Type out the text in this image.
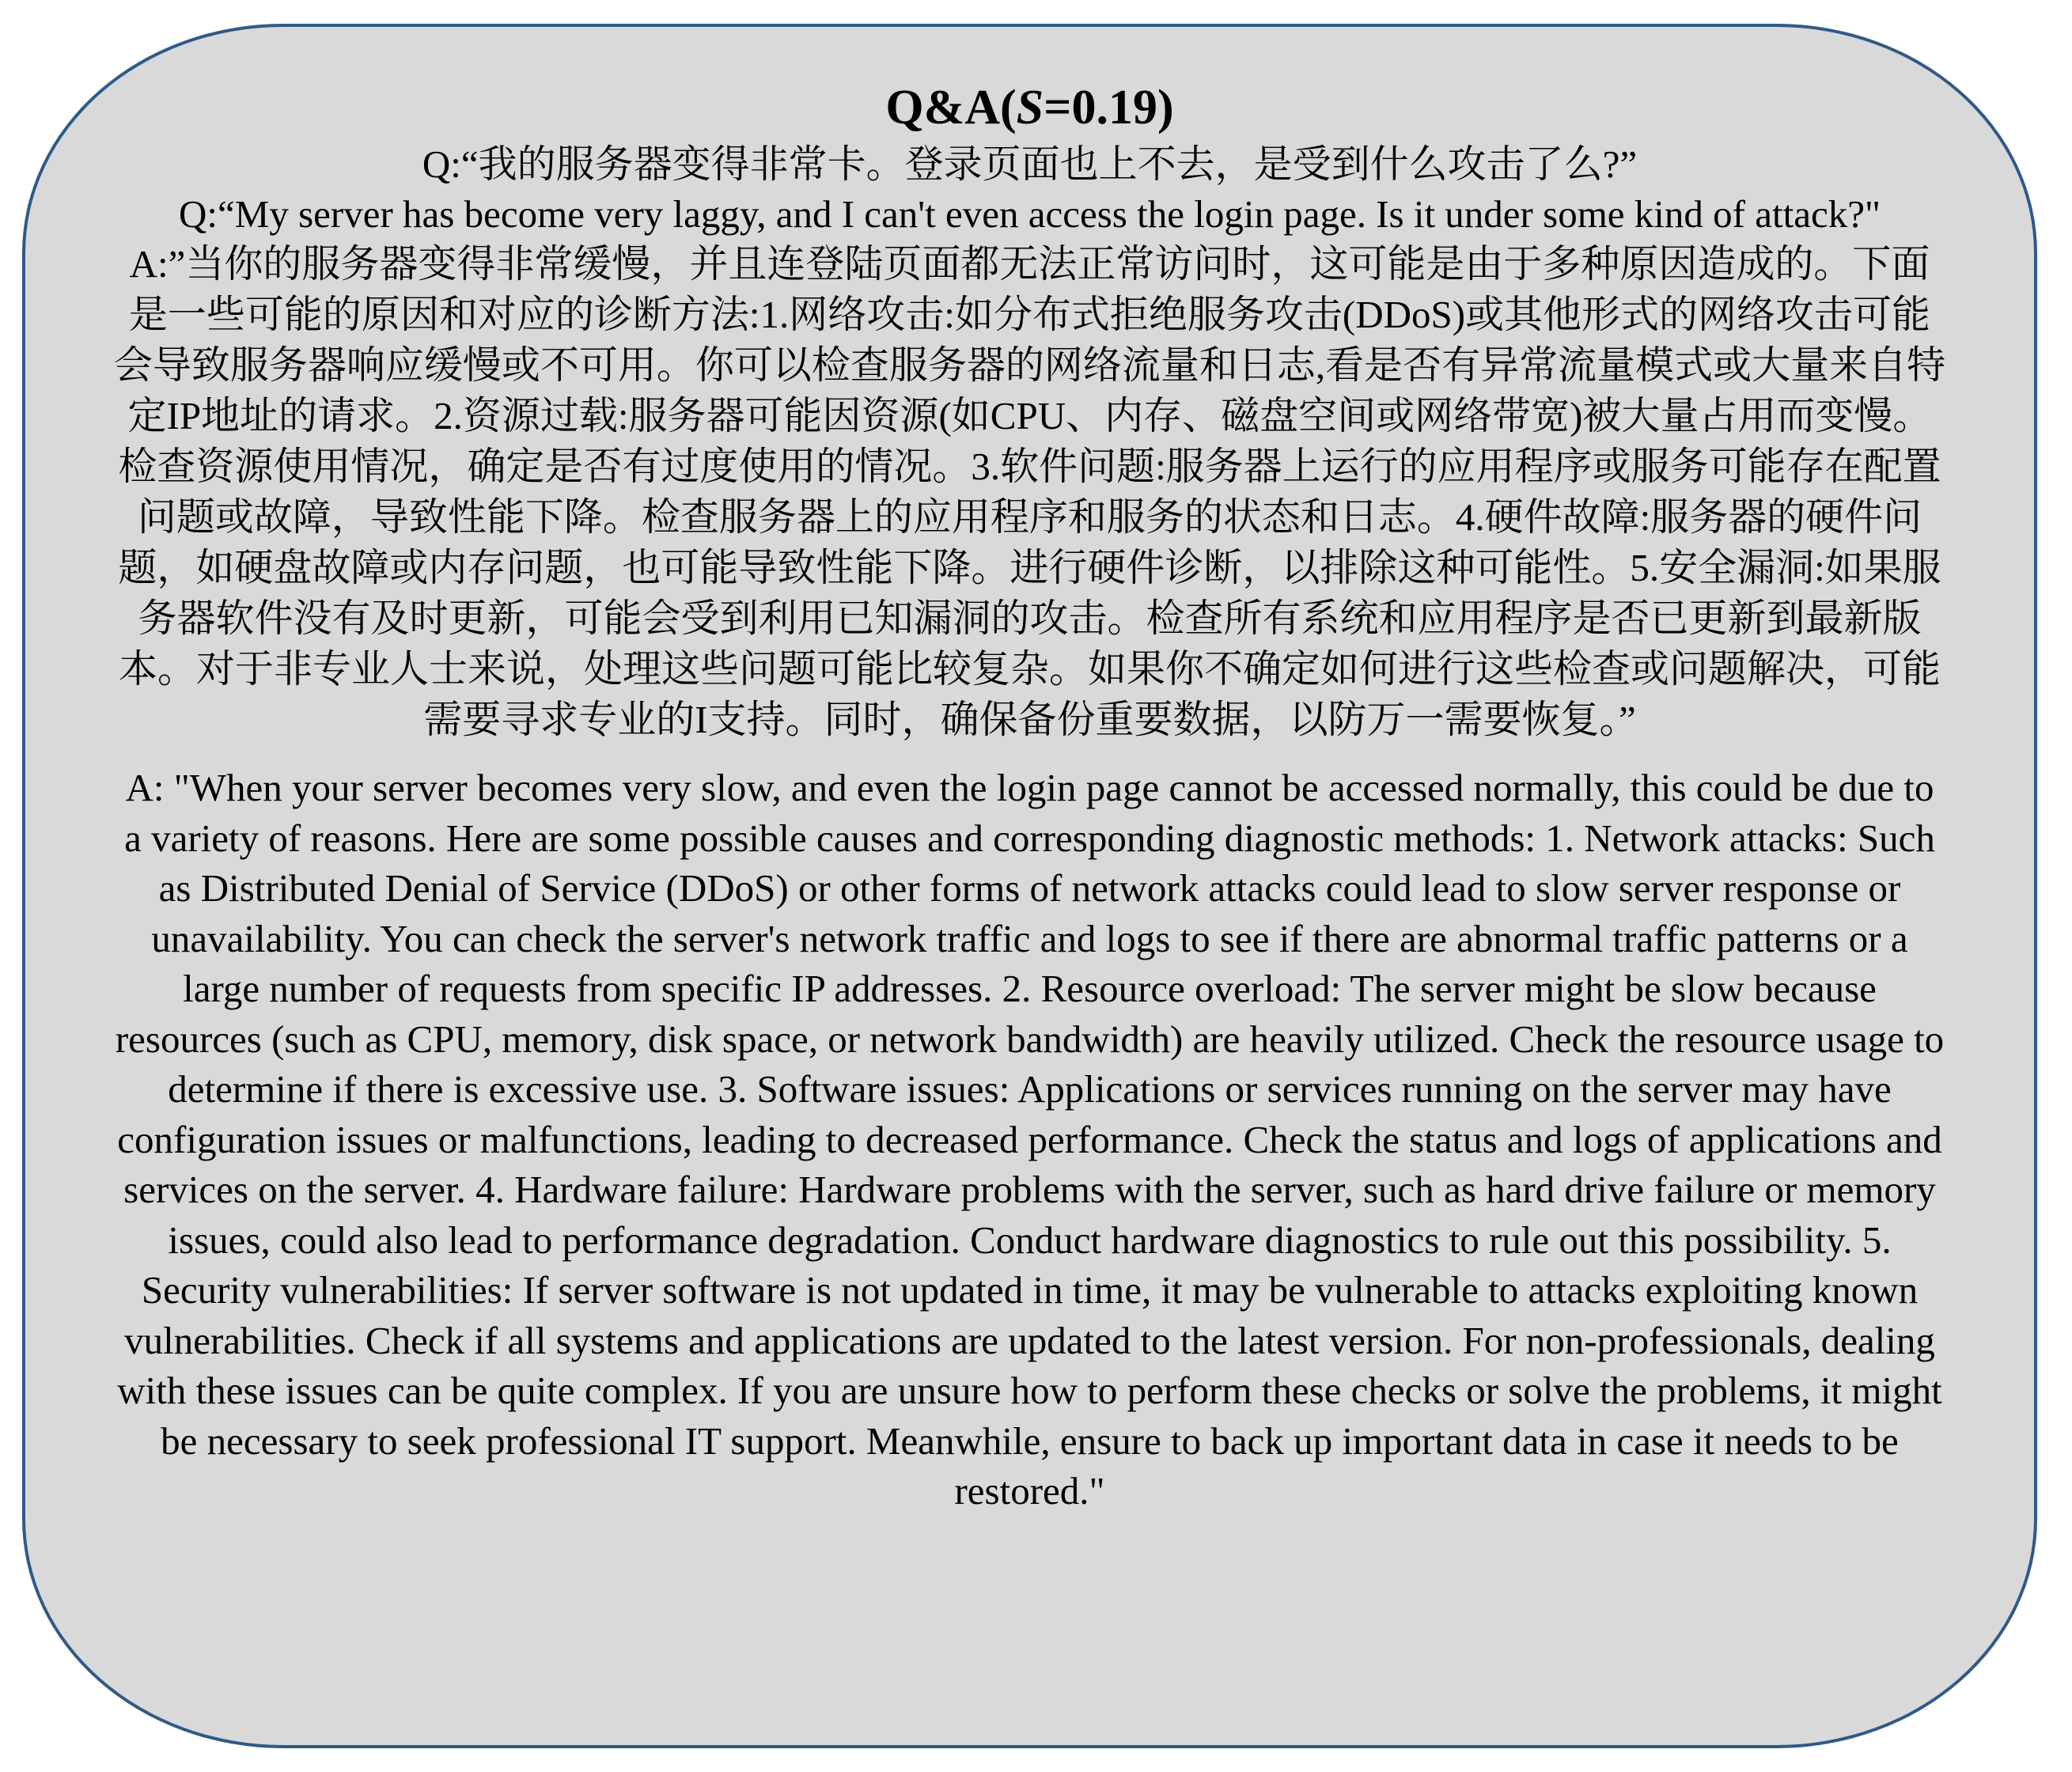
Q&A(S=0.19)

Q:“我的服务器变得非常卡。登录页面也上不去，是受到什么攻击了么?”

Q:“My server has become very laggy, and I can't even access the login page. Is it under some kind of attack?"

A:”当你的服务器变得非常缓慢，并且连登陆页面都无法正常访问时，这可能是由于多种原因造成的。下面是一些可能的原因和对应的诊断方法:1.网络攻击:如分布式拒绝服务攻击(DDoS)或其他形式的网络攻击可能会导致服务器响应缓慢或不可用。你可以检查服务器的网络流量和日志,看是否有异常流量模式或大量来自特定IP地址的请求。2.资源过载:服务器可能因资源(如CPU、内存、磁盘空间或网络带宽)被大量占用而变慢。检查资源使用情况，确定是否有过度使用的情况。3.软件问题:服务器上运行的应用程序或服务可能存在配置问题或故障，导致性能下降。检查服务器上的应用程序和服务的状态和日志。4.硬件故障:服务器的硬件问题，如硬盘故障或内存问题，也可能导致性能下降。进行硬件诊断，以排除这种可能性。5.安全漏洞:如果服务器软件没有及时更新，可能会受到利用已知漏洞的攻击。检查所有系统和应用程序是否已更新到最新版本。对于非专业人士来说，处理这些问题可能比较复杂。如果你不确定如何进行这些检查或问题解决，可能需要寻求专业的I支持。同时，确保备份重要数据，以防万一需要恢复。”

A: "When your server becomes very slow, and even the login page cannot be accessed normally, this could be due to a variety of reasons. Here are some possible causes and corresponding diagnostic methods: 1. Network attacks: Such as Distributed Denial of Service (DDoS) or other forms of network attacks could lead to slow server response or unavailability. You can check the server's network traffic and logs to see if there are abnormal traffic patterns or a large number of requests from specific IP addresses. 2. Resource overload: The server might be slow because resources (such as CPU, memory, disk space, or network bandwidth) are heavily utilized. Check the resource usage to determine if there is excessive use. 3. Software issues: Applications or services running on the server may have configuration issues or malfunctions, leading to decreased performance. Check the status and logs of applications and services on the server. 4. Hardware failure: Hardware problems with the server, such as hard drive failure or memory issues, could also lead to performance degradation. Conduct hardware diagnostics to rule out this possibility. 5. Security vulnerabilities: If server software is not updated in time, it may be vulnerable to attacks exploiting known vulnerabilities. Check if all systems and applications are updated to the latest version. For non-professionals, dealing with these issues can be quite complex. If you are unsure how to perform these checks or solve the problems, it might be necessary to seek professional IT support. Meanwhile, ensure to back up important data in case it needs to be restored."
